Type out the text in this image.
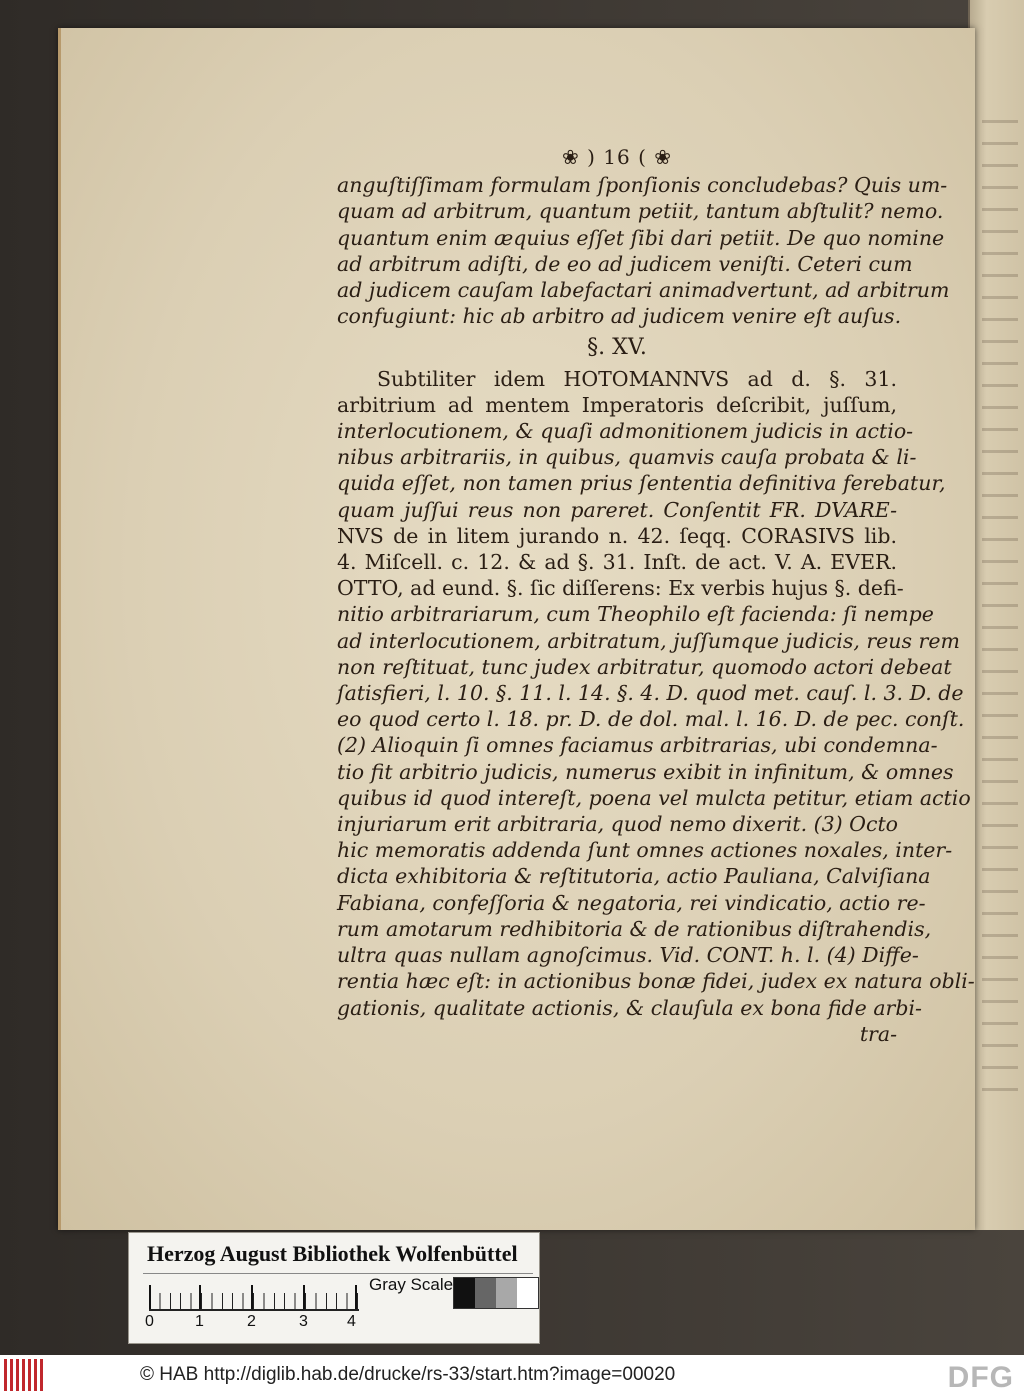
❀ ) 16 ( ❀
anguſtiſſimam formulam ſponſionis concludebas? Quis um-
quam ad arbitrum, quantum petiit, tantum abſtulit? nemo.
quantum enim æquius eſſet ſibi dari petiit. De quo nomine
ad arbitrum adiſti, de eo ad judicem veniſti. Ceteri cum
ad judicem cauſam labefactari animadvertunt, ad arbitrum
confugiunt: hic ab arbitro ad judicem venire eſt auſus.
§. XV.
Subtiliter idem HOTOMANNVS ad d. §. 31.
arbitrium ad mentem Imperatoris deſcribit, juſſum,
interlocutionem, & quaſi admonitionem judicis in actio-
nibus arbitrariis, in quibus, quamvis cauſa probata & li-
quida eſſet, non tamen prius ſententia definitiva ferebatur,
quam juſſui reus non pareret. Conſentit FR. DVARE-
NVS de in litem jurando n. 42. ſeqq. CORASIVS lib.
4. Miſcell. c. 12. & ad §. 31. Inſt. de act. V. A. EVER.
OTTO, ad eund. §. ſic diſſerens: Ex verbis hujus §. defi-
nitio arbitrariarum, cum Theophilo eſt facienda: ſi nempe
ad interlocutionem, arbitratum, juſſumque judicis, reus rem
non reſtituat, tunc judex arbitratur, quomodo actori debeat
ſatisfieri, l. 10. §. 11. l. 14. §. 4. D. quod met. cauſ. l. 3. D. de
eo quod certo l. 18. pr. D. de dol. mal. l. 16. D. de pec. conſt.
(2) Alioquin ſi omnes faciamus arbitrarias, ubi condemna-
tio fit arbitrio judicis, numerus exibit in infinitum, & omnes
quibus id quod intereſt, poena vel mulcta petitur, etiam actio
injuriarum erit arbitraria, quod nemo dixerit. (3) Octo
hic memoratis addenda ſunt omnes actiones noxales, inter-
dicta exhibitoria & reſtitutoria, actio Pauliana, Calviſiana
Fabiana, confeſſoria & negatoria, rei vindicatio, actio re-
rum amotarum redhibitoria & de rationibus diſtrahendis,
ultra quas nullam agnoſcimus. Vid. CONT. h. l. (4) Diffe-
rentia hæc eſt: in actionibus bonæ fidei, judex ex natura obli-
gationis, qualitate actionis, & clauſula ex bona fide arbi-
tra-
Herzog August Bibliothek Wolfenbüttel
0	1	2	3 4
Gray Scale
© HAB http://diglib.hab.de/drucke/rs-33/start.htm?image=00020	DFG
